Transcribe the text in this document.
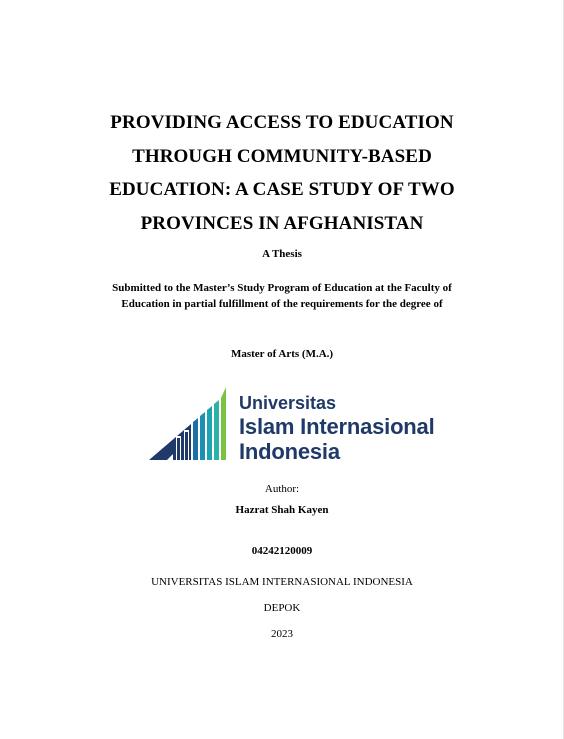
PROVIDING ACCESS TO EDUCATION
THROUGH COMMUNITY-BASED
EDUCATION: A CASE STUDY OF TWO
PROVINCES IN AFGHANISTAN
A Thesis
Submitted to the Master’s Study Program of Education at the Faculty of
Education in partial fulfillment of the requirements for the degree of
Master of Arts (M.A.)
Universitas
Islam Internasional
Indonesia
Author:
Hazrat Shah Kayen
04242120009
UNIVERSITAS ISLAM INTERNASIONAL INDONESIA
DEPOK
2023
